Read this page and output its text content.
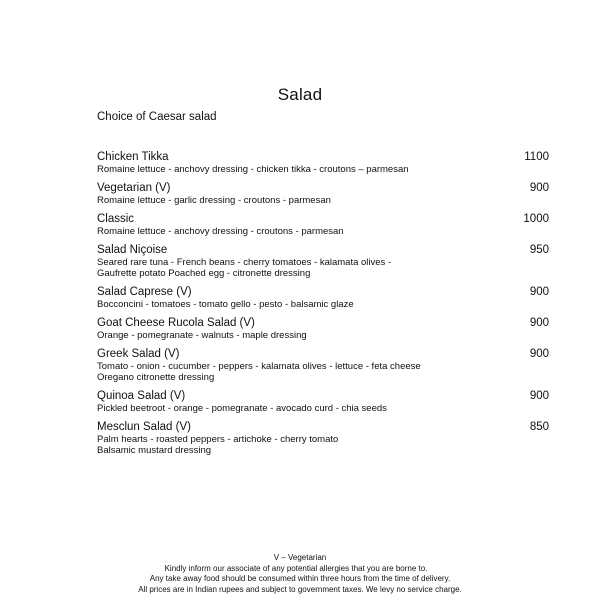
Salad
Choice of Caesar salad
Chicken Tikka	1100
Romaine lettuce - anchovy dressing - chicken tikka - croutons – parmesan
Vegetarian (V)	900
Romaine lettuce - garlic dressing - croutons - parmesan
Classic	1000
Romaine lettuce - anchovy dressing - croutons - parmesan
Salad Niçoise	950
Seared rare tuna - French beans - cherry tomatoes - kalamata olives -
Gaufrette potato Poached egg - citronette dressing
Salad Caprese (V)	900
Bocconcini - tomatoes - tomato gello - pesto - balsamic glaze
Goat Cheese Rucola Salad (V)	900
Orange - pomegranate - walnuts - maple dressing
Greek Salad (V)	900
Tomato - onion - cucumber - peppers - kalamata olives - lettuce - feta cheese
Oregano citronette dressing
Quinoa Salad (V)	900
Pickled beetroot - orange - pomegranate - avocado curd - chia seeds
Mesclun Salad (V)	850
Palm hearts - roasted peppers - artichoke - cherry tomato
Balsamic mustard dressing
V – Vegetarian
Kindly inform our associate of any potential allergies that you are borne to.
Any take away food should be consumed within three hours from the time of delivery.
All prices are in Indian rupees and subject to government taxes. We levy no service charge.
